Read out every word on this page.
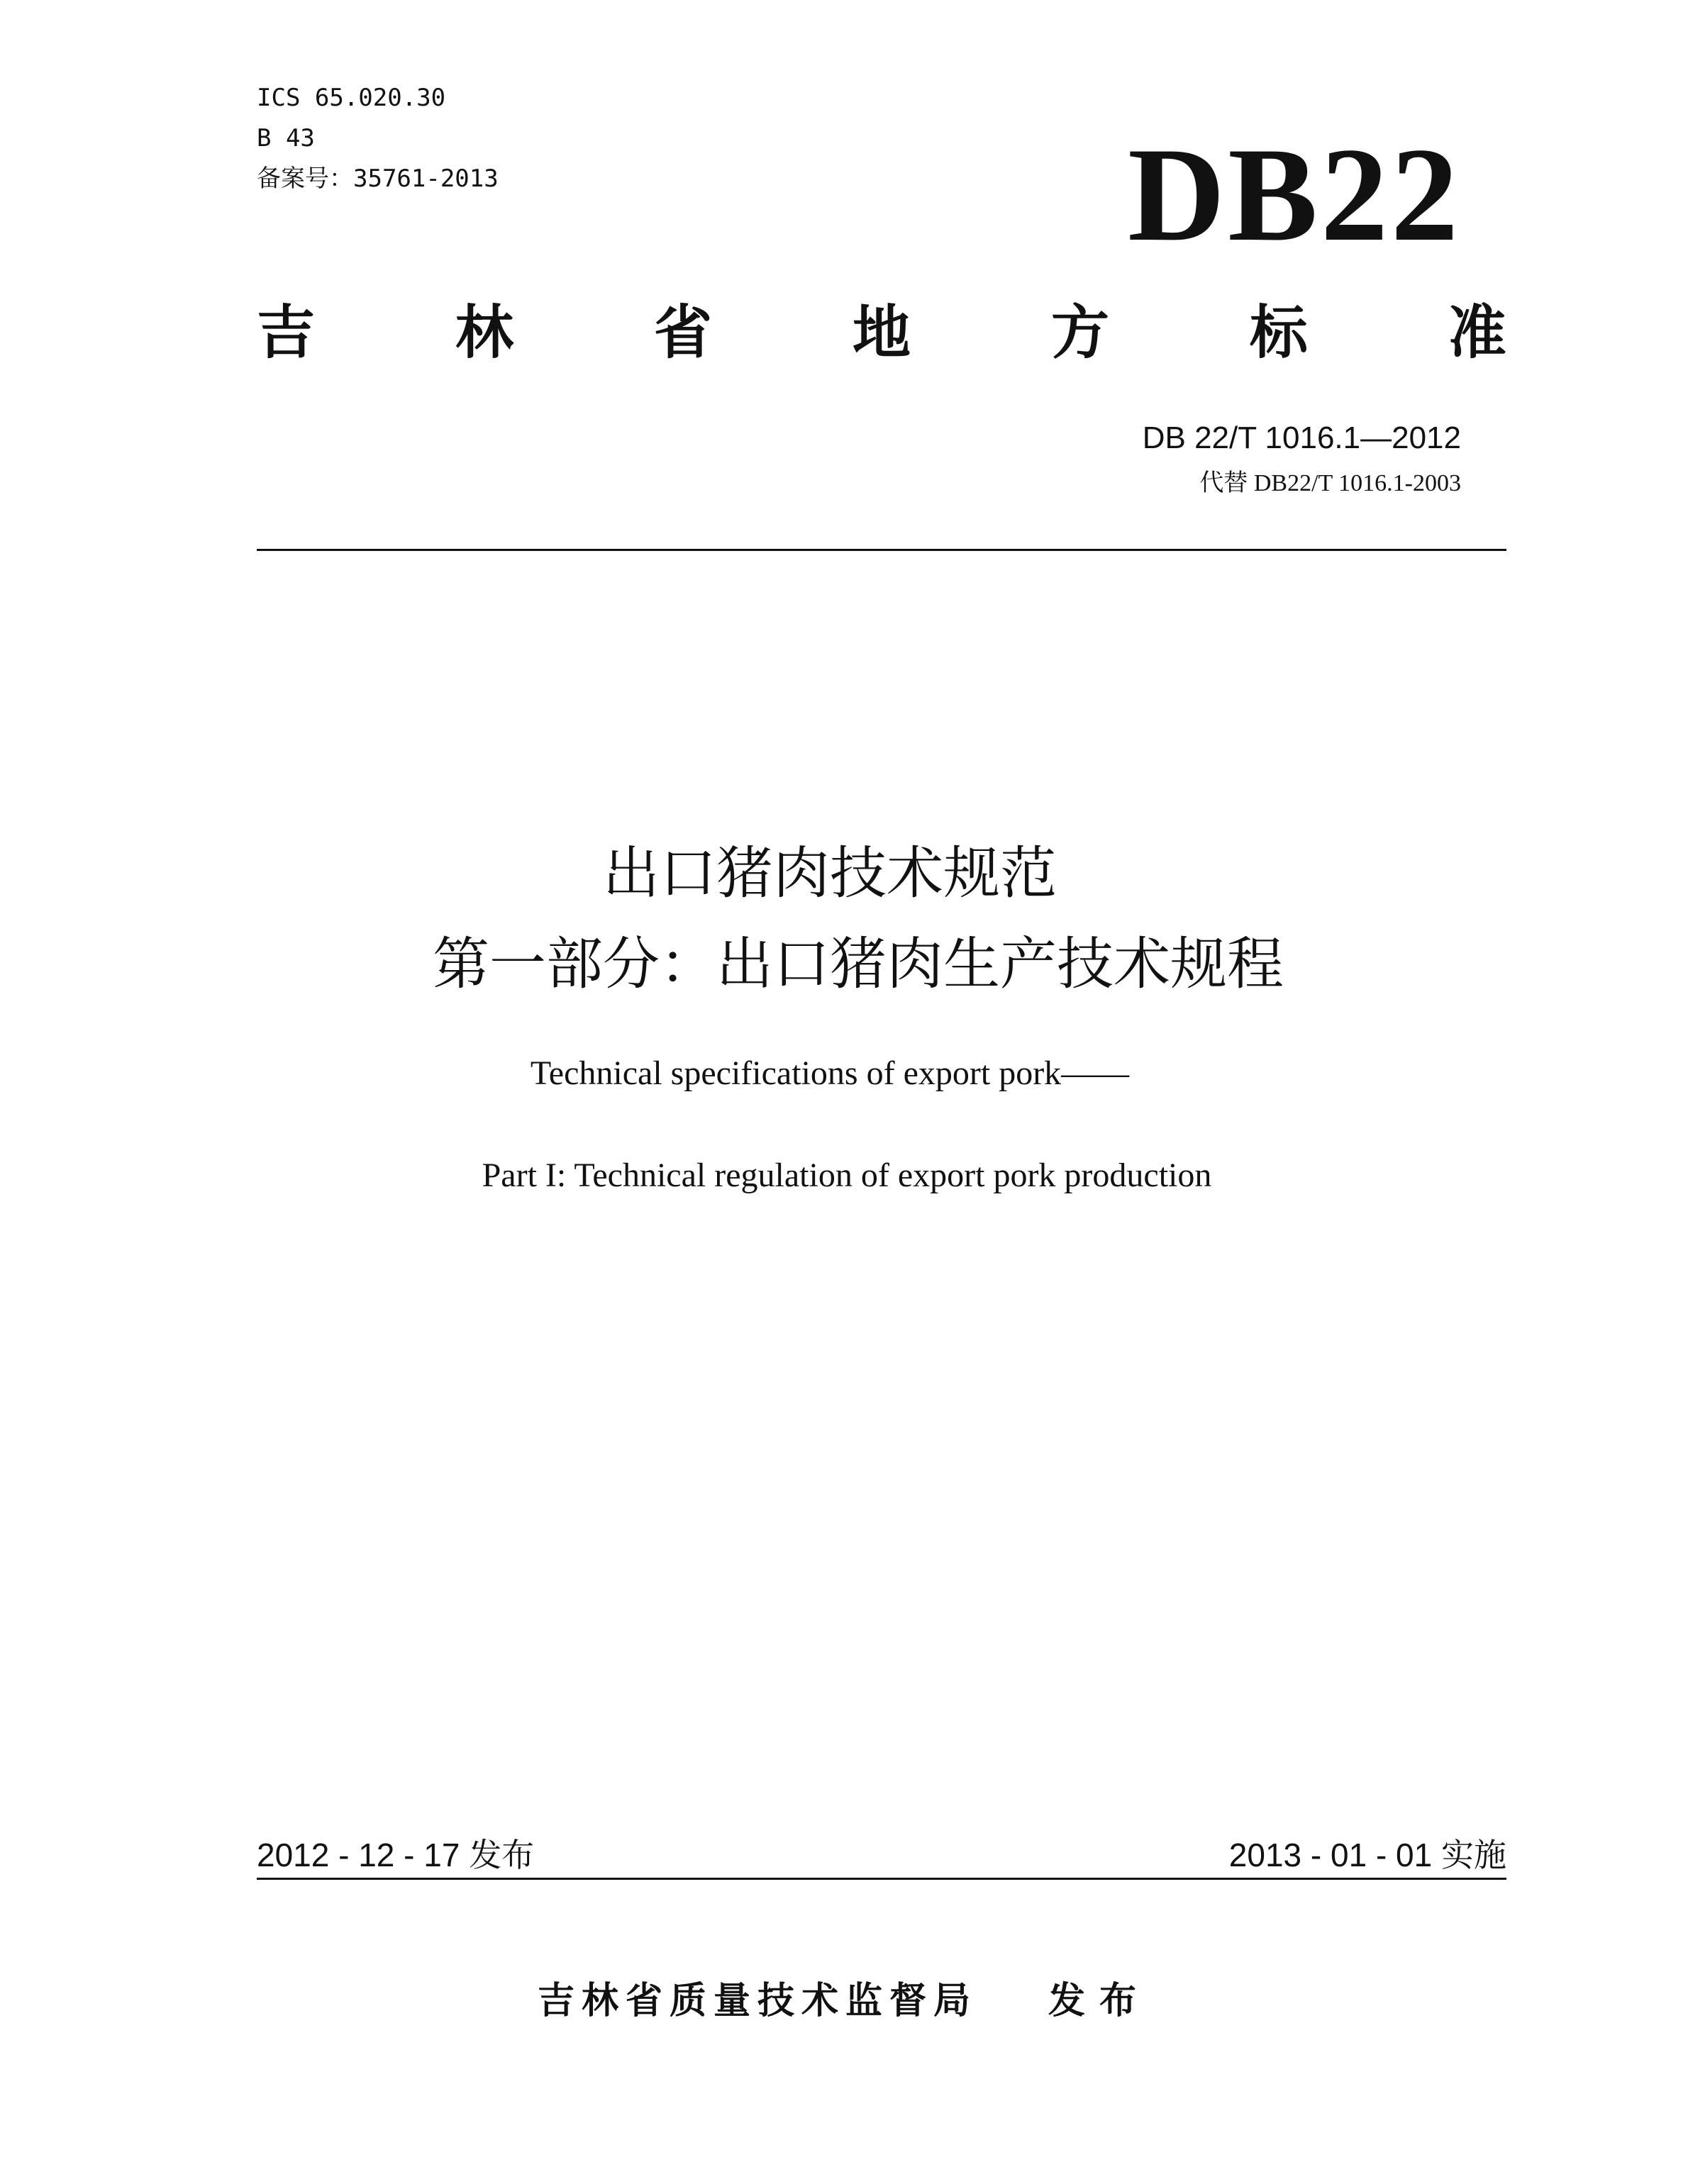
ICS 65.020.30
B 43
备案号：35761-2013	DB22
吉 林 省 地 方 标 准
DB 22/T 1016.1—2012
代替 DB22/T 1016.1-2003
出口猪肉技术规范
第一部分：出口猪肉生产技术规程
Technical specifications of export pork——
Part I: Technical regulation of export pork production
2012 - 12 - 17 发布	2013 - 01 - 01 实施
吉林省质量技术监督局 发布
